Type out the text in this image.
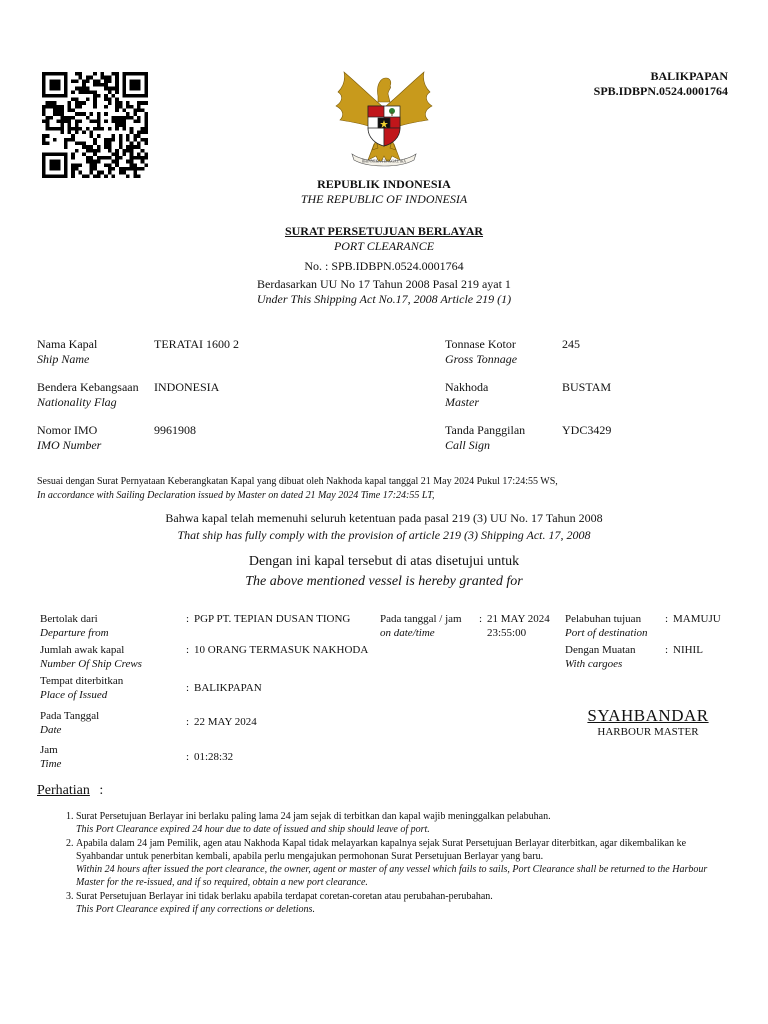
BHINNEKA TUNGGAL IKA
BALIKPAPAN
SPB.IDBPN.0524.0001764
REPUBLIK INDONESIA
THE REPUBLIC OF INDONESIA
SURAT PERSETUJUAN BERLAYAR
PORT CLEARANCE
No. : SPB.IDBPN.0524.0001764
Berdasarkan UU No 17 Tahun 2008 Pasal 219 ayat 1
Under This Shipping Act No.17, 2008 Article 219 (1)
Nama Kapal
Ship Name
TERATAI 1600 2
Bendera Kebangsaan
Nationality Flag
INDONESIA
Nomor IMO
IMO Number
9961908
Tonnase Kotor
Gross Tonnage
245
Nakhoda
Master
BUSTAM
Tanda Panggilan
Call Sign
YDC3429
Sesuai dengan Surat Pernyataan Keberangkatan Kapal yang dibuat oleh Nakhoda kapal tanggal 21 May 2024 Pukul 17:24:55 WS,
In accordance with Sailing Declaration issued by Master on dated 21 May 2024 Time 17:24:55 LT,
Bahwa kapal telah memenuhi seluruh ketentuan pada pasal 219 (3) UU No. 17 Tahun 2008
That ship has fully comply with the provision of article 219 (3) Shipping Act. 17, 2008
Dengan ini kapal tersebut di atas disetujui untuk
The above mentioned vessel is hereby granted for
Bertolak dari
Departure from
: PGP PT. TEPIAN DUSAN TIONG	Pada tanggal / jam
on date/time
: 21 MAY 2024
23:55:00
Pelabuhan tujuan
Port of destination
: MAMUJU
Jumlah awak kapal
Number Of Ship Crews
: 10 ORANG TERMASUK NAKHODA	Dengan Muatan
With cargoes
: NIHIL
Tempat diterbitkan
Place of Issued
: BALIKPAPAN
Pada Tanggal
Date
: 22 MAY 2024
Jam
Time
: 01:28:32
SYAHBANDAR
HARBOUR MASTER
Perhatian :
1. Surat Persetujuan Berlayar ini berlaku paling lama 24 jam sejak di terbitkan dan kapal wajib meninggalkan pelabuhan.
This Port Clearance expired 24 hour due to date of issued and ship should leave of port.
2. Apabila dalam 24 jam Pemilik, agen atau Nakhoda Kapal tidak melayarkan kapalnya sejak Surat Persetujuan Berlayar diterbitkan, agar dikembalikan ke Syahbandar untuk penerbitan kembali, apabila perlu mengajukan permohonan Surat Persetujuan Berlayar yang baru.
Within 24 hours after issued the port clearance, the owner, agent or master of any vessel which fails to sails, Port Clearance shall be returned to the Harbour Master for the re-issued, and if so required, obtain a new port clearance.
3. Surat Persetujuan Berlayar ini tidak berlaku apabila terdapat coretan-coretan atau perubahan-perubahan.
This Port Clearance expired if any corrections or deletions.
